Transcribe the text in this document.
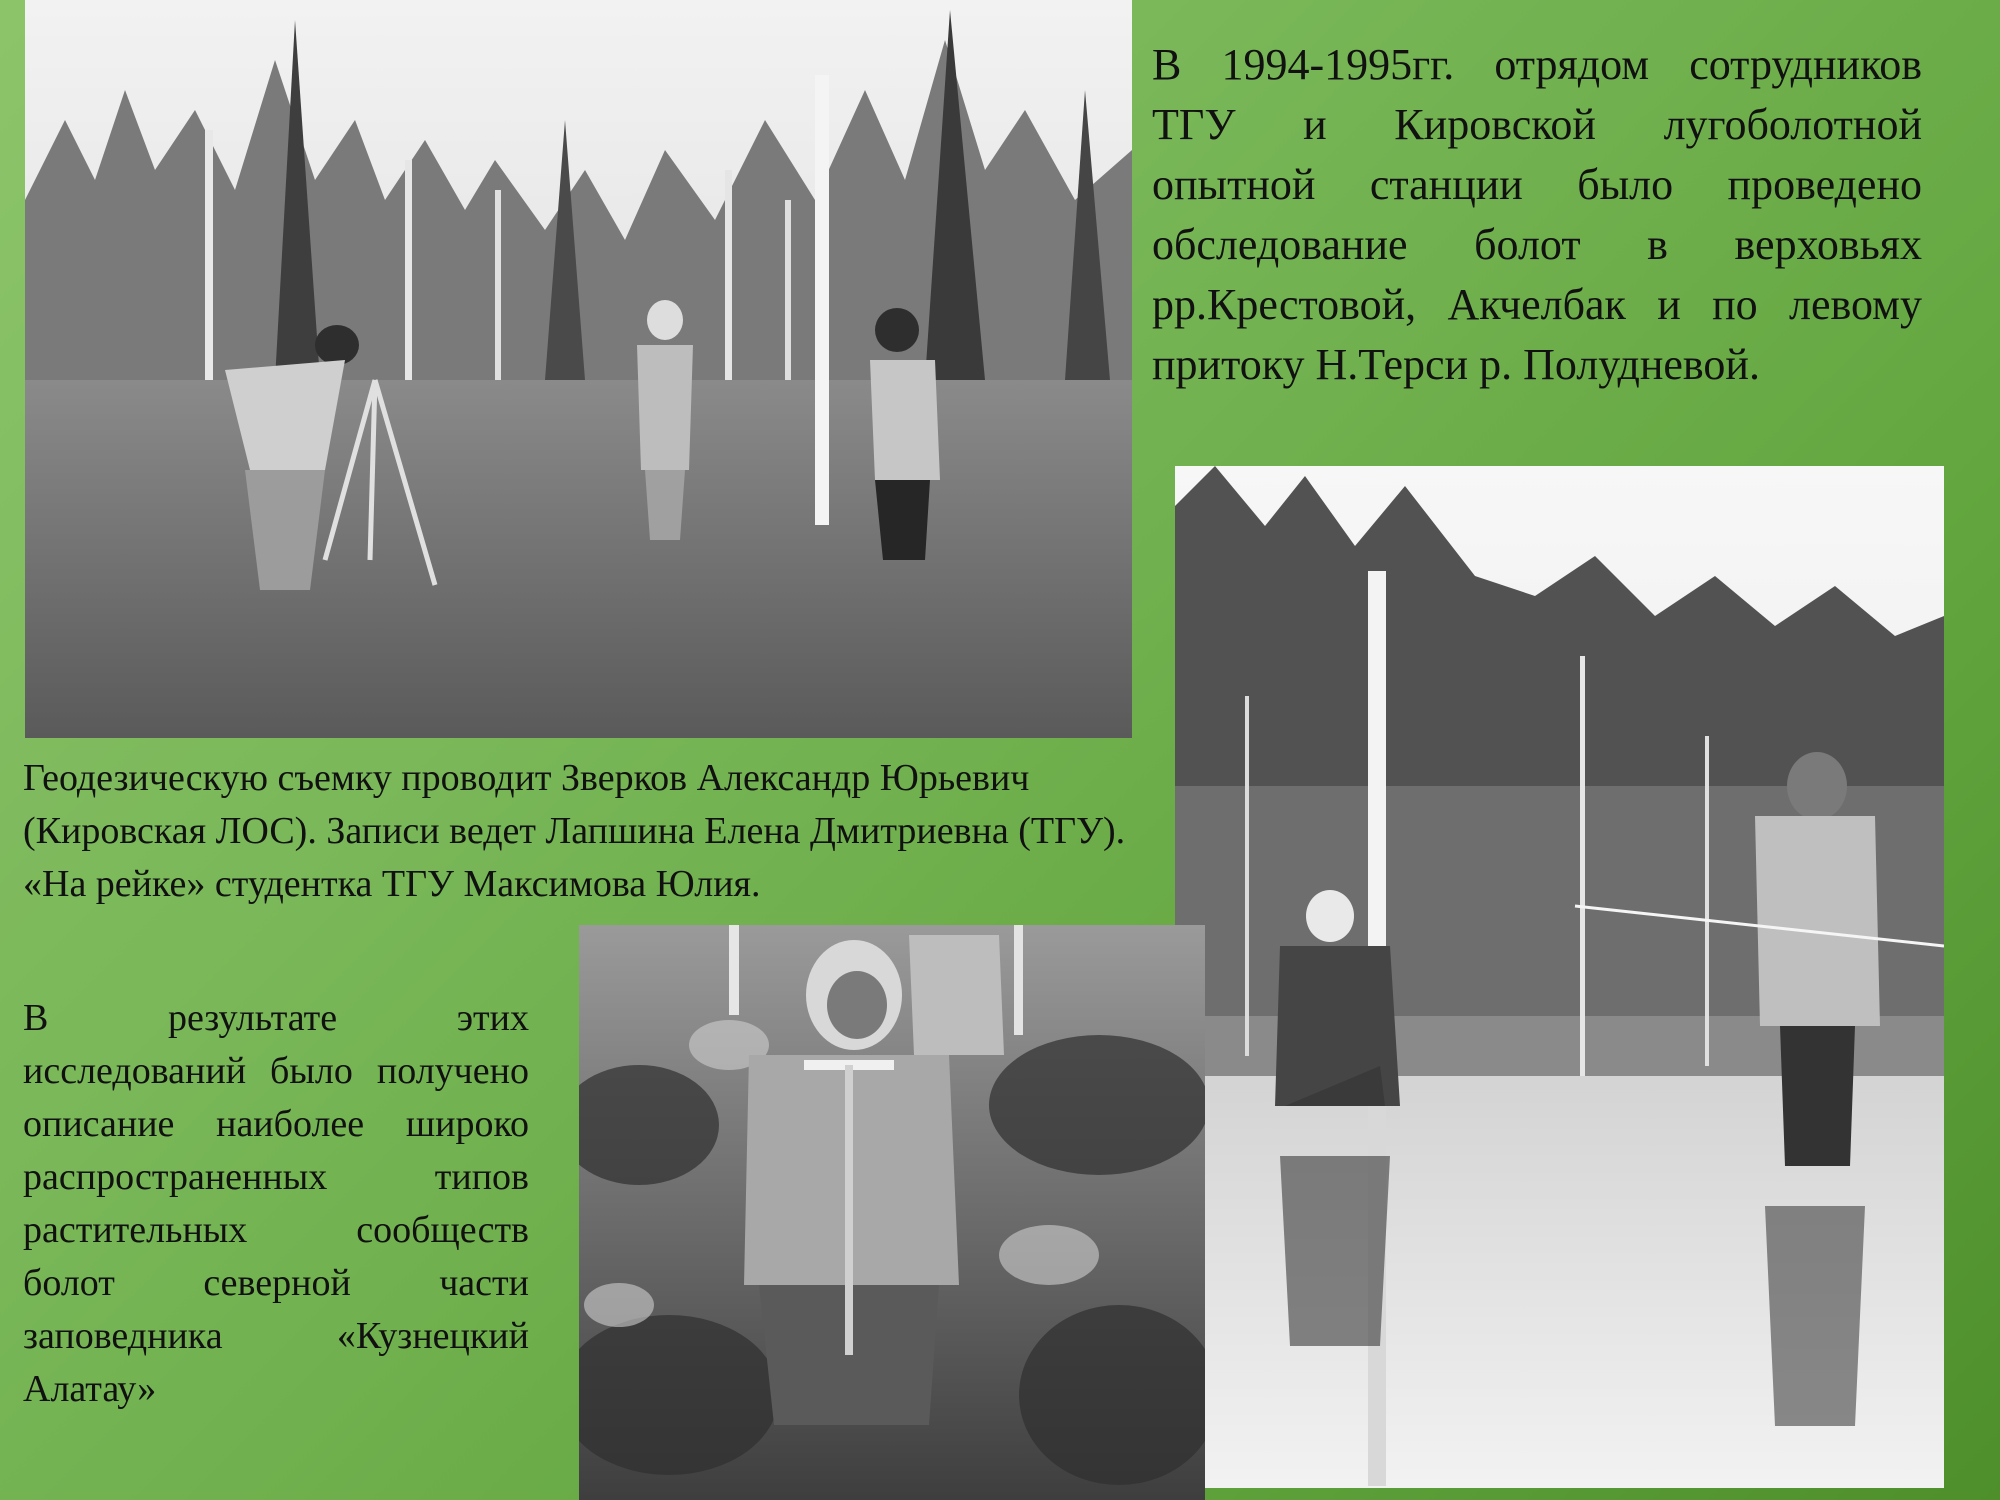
В 1994-1995гг. отрядом сотрудников ТГУ и Кировской лугоболотной опытной станции было проведено обследование болот в верховьях рр.Крестовой, Акчелбак и по левому притоку Н.Терси р. Полудневой.

Геодезическую съемку проводит Зверков Александр Юрьевич (Кировская ЛОС). Записи ведет Лапшина Елена Дмитриевна (ТГУ). «На рейке» студентка ТГУ Максимова Юлия.

В результате этих исследований было получено описание наиболее широко распространенных типов растительных сообществ болот северной части заповедника «Кузнецкий Алатау»
